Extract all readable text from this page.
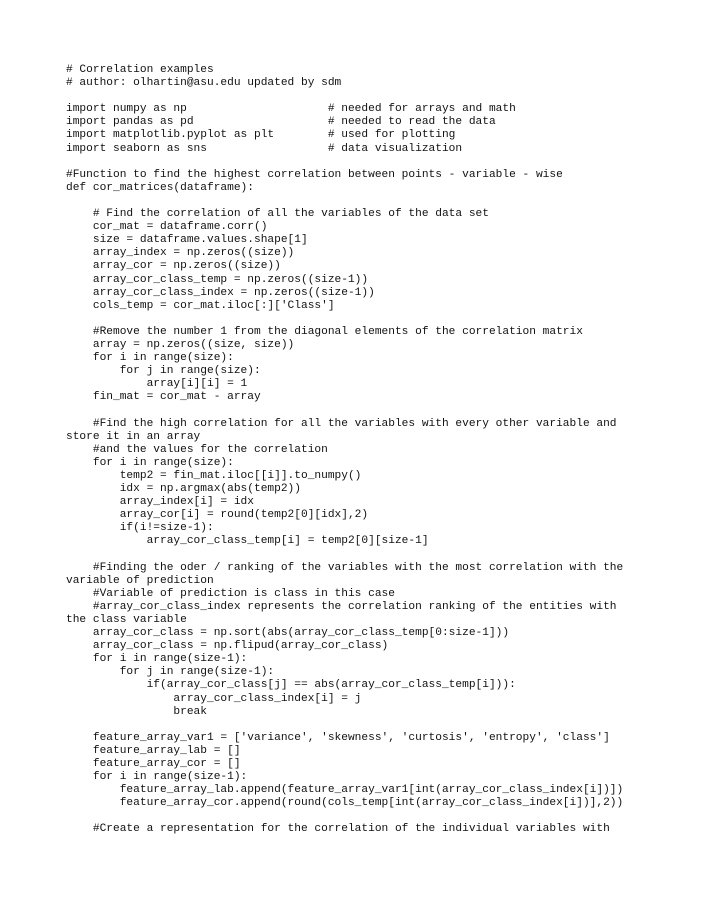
# Correlation examples
# author: olhartin@asu.edu updated by sdm
import numpy as np                     # needed for arrays and math
import pandas as pd                    # needed to read the data
import matplotlib.pyplot as plt        # used for plotting
import seaborn as sns                  # data visualization
#Function to find the highest correlation between points - variable - wise
def cor_matrices(dataframe):
# Find the correlation of all the variables of the data set
cor_mat = dataframe.corr()
size = dataframe.values.shape[1]
array_index = np.zeros((size))
array_cor = np.zeros((size))
array_cor_class_temp = np.zeros((size-1))
array_cor_class_index = np.zeros((size-1))
cols_temp = cor_mat.iloc[:]['Class']
#Remove the number 1 from the diagonal elements of the correlation matrix
array = np.zeros((size, size))
for i in range(size):
for j in range(size):
array[i][i] = 1
fin_mat = cor_mat - array
#Find the high correlation for all the variables with every other variable and
store it in an array
#and the values for the correlation
for i in range(size):
temp2 = fin_mat.iloc[[i]].to_numpy()
idx = np.argmax(abs(temp2))
array_index[i] = idx
array_cor[i] = round(temp2[0][idx],2)
if(i!=size-1):
array_cor_class_temp[i] = temp2[0][size-1]
#Finding the oder / ranking of the variables with the most correlation with the
variable of prediction
#Variable of prediction is class in this case
#array_cor_class_index represents the correlation ranking of the entities with
the class variable
array_cor_class = np.sort(abs(array_cor_class_temp[0:size-1]))
array_cor_class = np.flipud(array_cor_class)
for i in range(size-1):
for j in range(size-1):
if(array_cor_class[j] == abs(array_cor_class_temp[i])):
array_cor_class_index[i] = j
break
feature_array_var1 = ['variance', 'skewness', 'curtosis', 'entropy', 'class']
feature_array_lab = []
feature_array_cor = []
for i in range(size-1):
feature_array_lab.append(feature_array_var1[int(array_cor_class_index[i])])
feature_array_cor.append(round(cols_temp[int(array_cor_class_index[i])],2))
#Create a representation for the correlation of the individual variables with
